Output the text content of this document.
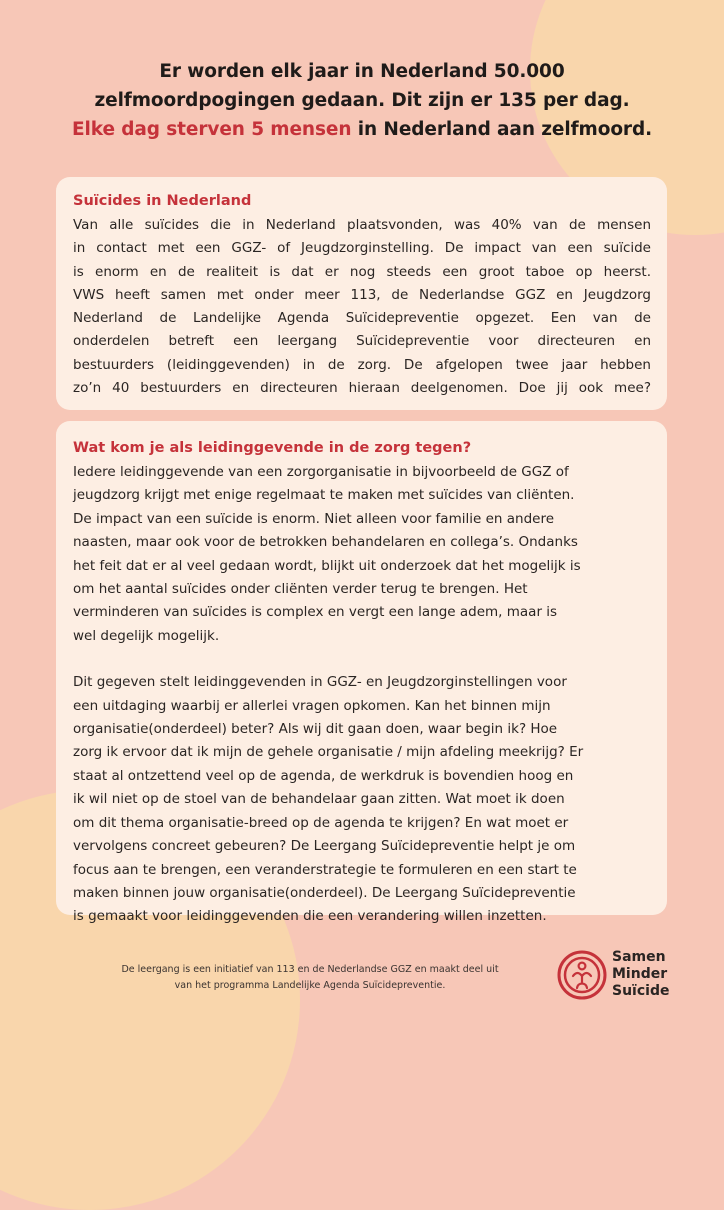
Er worden elk jaar in Nederland 50.000
zelfmoordpogingen gedaan. Dit zijn er 135 per dag.
Elke dag sterven 5 mensen in Nederland aan zelfmoord.
Suïcides in Nederland

Van alle suïcides die in Nederland plaatsvonden, was 40% van de mensen
in contact met een GGZ- of Jeugdzorginstelling. De impact van een suïcide
is enorm en de realiteit is dat er nog steeds een groot taboe op heerst.
VWS heeft samen met onder meer 113, de Nederlandse GGZ en Jeugdzorg
Nederland de Landelijke Agenda Suïcidepreventie opgezet. Een van de
onderdelen betreft een leergang Suïcidepreventie voor directeuren en
bestuurders (leidinggevenden) in de zorg. De afgelopen twee jaar hebben
zo’n 40 bestuurders en directeuren hieraan deelgenomen. Doe jij ook mee?

Wat kom je als leidinggevende in de zorg tegen?

Iedere leidinggevende van een zorgorganisatie in bijvoorbeeld de GGZ of
jeugdzorg krijgt met enige regelmaat te maken met suïcides van cliënten.
De impact van een suïcide is enorm. Niet alleen voor familie en andere
naasten, maar ook voor de betrokken behandelaren en collega’s. Ondanks
het feit dat er al veel gedaan wordt, blijkt uit onderzoek dat het mogelijk is
om het aantal suïcides onder cliënten verder terug te brengen. Het
verminderen van suïcides is complex en vergt een lange adem, maar is
wel degelijk mogelijk.

Dit gegeven stelt leidinggevenden in GGZ- en Jeugdzorginstellingen voor
een uitdaging waarbij er allerlei vragen opkomen. Kan het binnen mijn
organisatie(onderdeel) beter? Als wij dit gaan doen, waar begin ik? Hoe
zorg ik ervoor dat ik mijn de gehele organisatie / mijn afdeling meekrijg? Er
staat al ontzettend veel op de agenda, de werkdruk is bovendien hoog en
ik wil niet op de stoel van de behandelaar gaan zitten. Wat moet ik doen
om dit thema organisatie-breed op de agenda te krijgen? En wat moet er
vervolgens concreet gebeuren? De Leergang Suïcidepreventie helpt je om
focus aan te brengen, een veranderstrategie te formuleren en een start te
maken binnen jouw organisatie(onderdeel). De Leergang Suïcidepreventie
is gemaakt voor leidinggevenden die een verandering willen inzetten.

De leergang is een initiatief van 113 en de Nederlandse GGZ en maakt deel uit
van het programma Landelijke Agenda Suïcidepreventie.
Samen
Minder
Suïcide
